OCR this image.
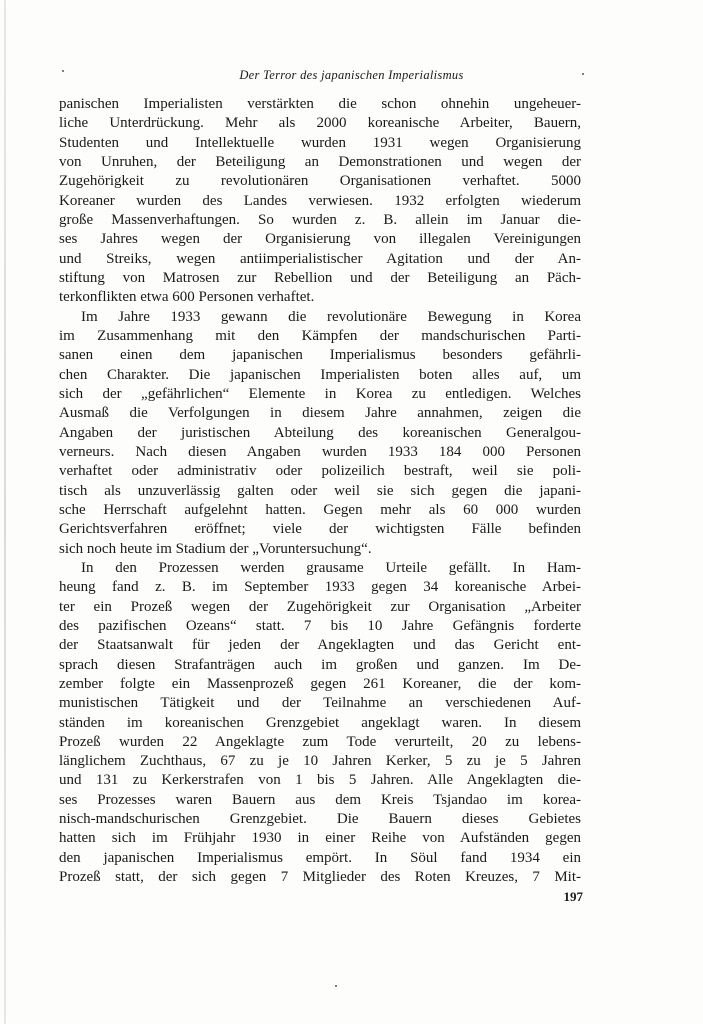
Der Terror des japanischen Imperialismus
panischen Imperialisten verstärkten die schon ohnehin ungeheuer-
liche Unterdrückung. Mehr als 2000 koreanische Arbeiter, Bauern,
Studenten und Intellektuelle wurden 1931 wegen Organisierung
von Unruhen, der Beteiligung an Demonstrationen und wegen der
Zugehörigkeit zu revolutionären Organisationen verhaftet. 5000
Koreaner wurden des Landes verwiesen. 1932 erfolgten wiederum
große Massenverhaftungen. So wurden z. B. allein im Januar die-
ses Jahres wegen der Organisierung von illegalen Vereinigungen
und Streiks, wegen antiimperialistischer Agitation und der An-
stiftung von Matrosen zur Rebellion und der Beteiligung an Päch-
terkonflikten etwa 600 Personen verhaftet.
Im Jahre 1933 gewann die revolutionäre Bewegung in Korea
im Zusammenhang mit den Kämpfen der mandschurischen Parti-
sanen einen dem japanischen Imperialismus besonders gefährli-
chen Charakter. Die japanischen Imperialisten boten alles auf, um
sich der „gefährlichen“ Elemente in Korea zu entledigen. Welches
Ausmaß die Verfolgungen in diesem Jahre annahmen, zeigen die
Angaben der juristischen Abteilung des koreanischen Generalgou-
verneurs. Nach diesen Angaben wurden 1933 184 000 Personen
verhaftet oder administrativ oder polizeilich bestraft, weil sie poli-
tisch als unzuverlässig galten oder weil sie sich gegen die japani-
sche Herrschaft aufgelehnt hatten. Gegen mehr als 60 000 wurden
Gerichtsverfahren eröffnet; viele der wichtigsten Fälle befinden
sich noch heute im Stadium der „Voruntersuchung“.
In den Prozessen werden grausame Urteile gefällt. In Ham-
heung fand z. B. im September 1933 gegen 34 koreanische Arbei-
ter ein Prozeß wegen der Zugehörigkeit zur Organisation „Arbeiter
des pazifischen Ozeans“ statt. 7 bis 10 Jahre Gefängnis forderte
der Staatsanwalt für jeden der Angeklagten und das Gericht ent-
sprach diesen Strafanträgen auch im großen und ganzen. Im De-
zember folgte ein Massenprozeß gegen 261 Koreaner, die der kom-
munistischen Tätigkeit und der Teilnahme an verschiedenen Auf-
ständen im koreanischen Grenzgebiet angeklagt waren. In diesem
Prozeß wurden 22 Angeklagte zum Tode verurteilt, 20 zu lebens-
länglichem Zuchthaus, 67 zu je 10 Jahren Kerker, 5 zu je 5 Jahren
und 131 zu Kerkerstrafen von 1 bis 5 Jahren. Alle Angeklagten die-
ses Prozesses waren Bauern aus dem Kreis Tsjandao im korea-
nisch-mandschurischen Grenzgebiet. Die Bauern dieses Gebietes
hatten sich im Frühjahr 1930 in einer Reihe von Aufständen gegen
den japanischen Imperialismus empört. In Söul fand 1934 ein
Prozeß statt, der sich gegen 7 Mitglieder des Roten Kreuzes, 7 Mit-
197
